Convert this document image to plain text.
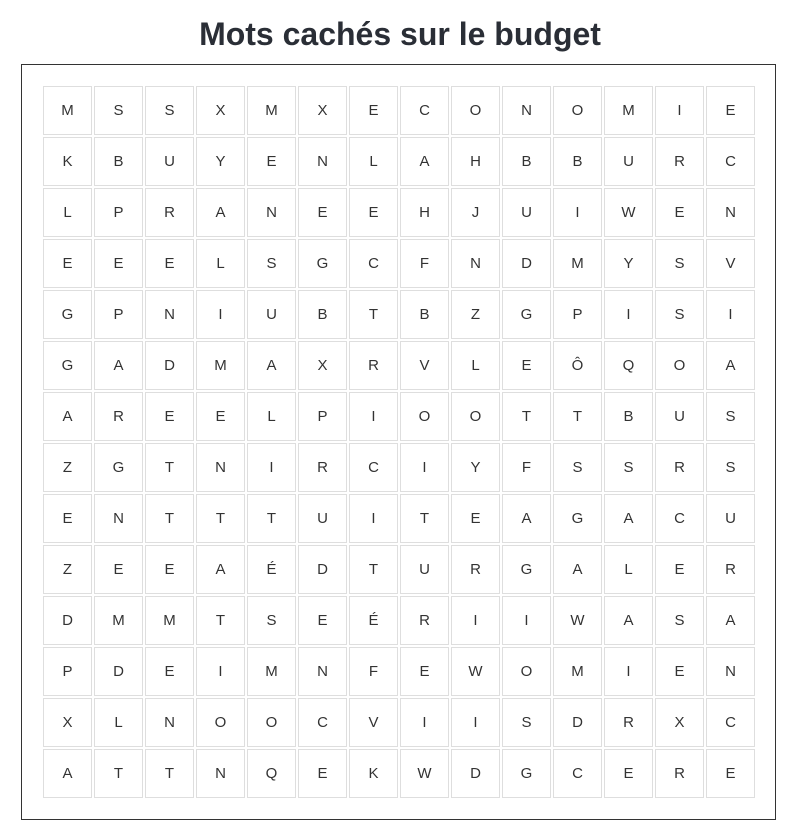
Mots cachés sur le budget
M	S	S	X	M	X	E	C	O	N	O	M	I	E
K	B	U	Y	E	N	L	A	H	B	B	U	R	C
L	P	R	A	N	E	E	H	J	U	I	W	E	N
E	E	E	L	S	G	C	F	N	D	M	Y	S	V
G	P	N	I	U	B	T	B	Z	G	P	I	S	I
G	A	D	M	A	X	R	V	L	E	Ô	Q	O	A
A	R	E	E	L	P	I	O	O	T	T	B	U	S
Z	G	T	N	I	R	C	I	Y	F	S	S	R	S
E	N	T	T	T	U	I	T	E	A	G	A	C	U
Z	E	E	A	É	D	T	U	R	G	A	L	E	R
D	M	M	T	S	E	É	R	I	I	W	A	S	A
P	D	E	I	M	N	F	E	W	O	M	I	E	N
X	L	N	O	O	C	V	I	I	S	D	R	X	C
A	T	T	N	Q	E	K	W	D	G	C	E	R	E
